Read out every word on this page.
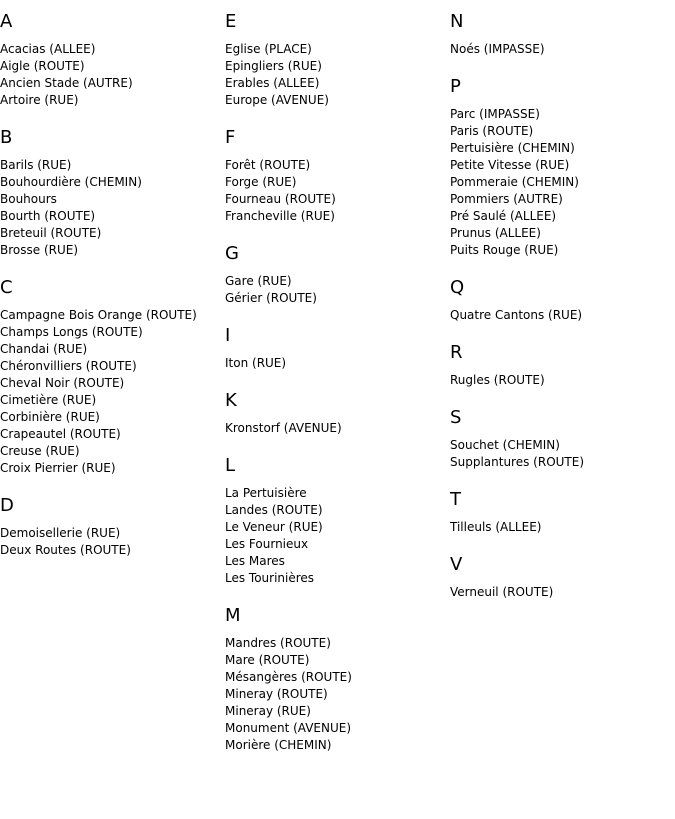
A
Acacias (ALLEE)
Aigle (ROUTE)
Ancien Stade (AUTRE)
Artoire (RUE)
B
Barils (RUE)
Bouhourdière (CHEMIN)
Bouhours
Bourth (ROUTE)
Breteuil (ROUTE)
Brosse (RUE)
C
Campagne Bois Orange (ROUTE)
Champs Longs (ROUTE)
Chandai (RUE)
Chéronvilliers (ROUTE)
Cheval Noir (ROUTE)
Cimetière (RUE)
Corbinière (RUE)
Crapeautel (ROUTE)
Creuse (RUE)
Croix Pierrier (RUE)
D
Demoisellerie (RUE)
Deux Routes (ROUTE)
E
Eglise (PLACE)
Epingliers (RUE)
Erables (ALLEE)
Europe (AVENUE)
F
Forêt (ROUTE)
Forge (RUE)
Fourneau (ROUTE)
Francheville (RUE)
G
Gare (RUE)
Gérier (ROUTE)
I
Iton (RUE)
K
Kronstorf (AVENUE)
L
La Pertuisière
Landes (ROUTE)
Le Veneur (RUE)
Les Fournieux
Les Mares
Les Tourinières
M
Mandres (ROUTE)
Mare (ROUTE)
Mésangères (ROUTE)
Mineray (ROUTE)
Mineray (RUE)
Monument (AVENUE)
Morière (CHEMIN)
N
Noés (IMPASSE)
P
Parc (IMPASSE)
Paris (ROUTE)
Pertuisière (CHEMIN)
Petite Vitesse (RUE)
Pommeraie (CHEMIN)
Pommiers (AUTRE)
Pré Saulé (ALLEE)
Prunus (ALLEE)
Puits Rouge (RUE)
Q
Quatre Cantons (RUE)
R
Rugles (ROUTE)
S
Souchet (CHEMIN)
Supplantures (ROUTE)
T
Tilleuls (ALLEE)
V
Verneuil (ROUTE)
